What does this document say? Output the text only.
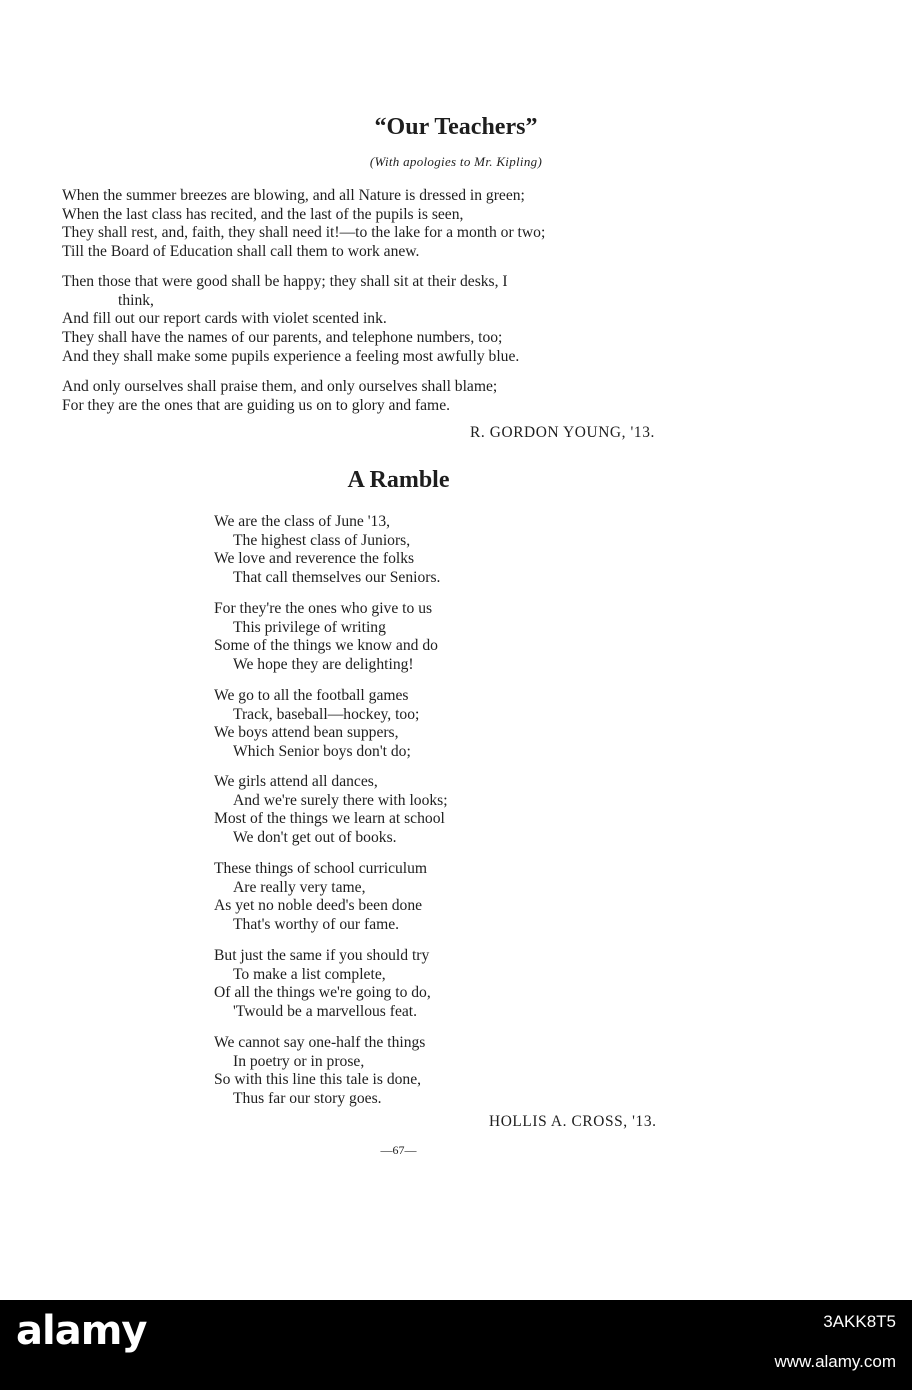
“Our Teachers”
(With apologies to Mr. Kipling)
When the summer breezes are blowing, and all Nature is dressed in green;
When the last class has recited, and the last of the pupils is seen,
They shall rest, and, faith, they shall need it!—to the lake for a month or two;
Till the Board of Education shall call them to work anew.
Then those that were good shall be happy; they shall sit at their desks, I
think,
And fill out our report cards with violet scented ink.
They shall have the names of our parents, and telephone numbers, too;
And they shall make some pupils experience a feeling most awfully blue.
And only ourselves shall praise them, and only ourselves shall blame;
For they are the ones that are guiding us on to glory and fame.
R. GORDON YOUNG, '13.
A Ramble
We are the class of June '13,
The highest class of Juniors,
We love and reverence the folks
That call themselves our Seniors.
For they're the ones who give to us
This privilege of writing
Some of the things we know and do
We hope they are delighting!
We go to all the football games
Track, baseball—hockey, too;
We boys attend bean suppers,
Which Senior boys don't do;
We girls attend all dances,
And we're surely there with looks;
Most of the things we learn at school
We don't get out of books.
These things of school curriculum
Are really very tame,
As yet no noble deed's been done
That's worthy of our fame.
But just the same if you should try
To make a list complete,
Of all the things we're going to do,
'Twould be a marvellous feat.
We cannot say one-half the things
In poetry or in prose,
So with this line this tale is done,
Thus far our story goes.
HOLLIS A. CROSS, '13.
—67—
alamy	3AKK8T5
www.alamy.com
